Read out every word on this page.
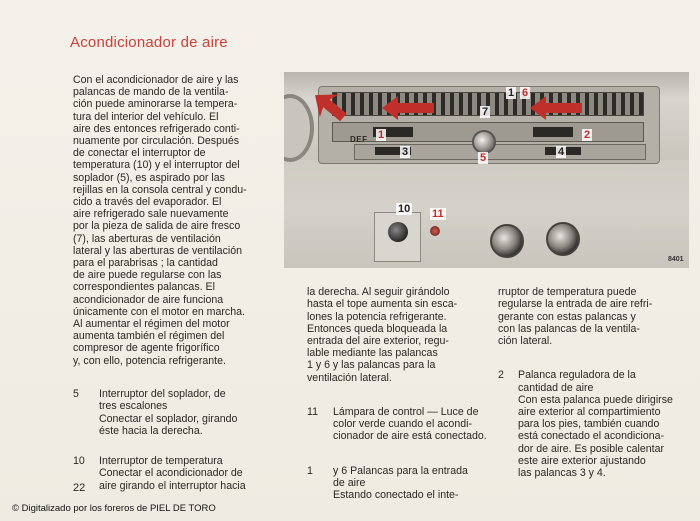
Acondicionador de aire
Con el acondicionador de aire y las
palancas de mando de la ventila-
ción puede aminorarse la tempera-
tura del interior del vehículo. El
aire des entonces refrigerado conti-
nuamente por circulación. Después
de conectar el interruptor de
temperatura (10) y el interruptor del
soplador (5), es aspirado por las
rejillas en la consola central y condu-
cido a través del evaporador. El
aire refrigerado sale nuevamente
por la pieza de salida de aire fresco
(7), las aberturas de ventilación
lateral y las aberturas de ventilación
para el parabrisas ; la cantidad
de aire puede regularse con las
correspondientes palancas. El
acondicionador de aire funciona
únicamente con el motor en marcha.
Al aumentar el régimen del motor
aumenta también el régimen del
compresor de agente frigorífico
y, con ello, potencia refrigerante.

5	Interruptor del soplador, de
tres escalones
Conectar el soplador, girando
éste hacia la derecha.

10	Interruptor de temperatura
Conectar el acondicionador de
aire girando el interruptor hacia

la derecha. Al seguir girándolo
hasta el tope aumenta sin esca-
lones la potencia refrigerante.
Entonces queda bloqueada la
entrada del aire exterior, regu-
lable mediante las palancas
1 y 6 y las palancas para la
ventilación lateral.

11	Lámpara de control — Luce de
color verde cuando el acondi-
cionador de aire está conectado.

1	y 6 Palancas para la entrada
de aire
Estando conectado el inte-

rruptor de temperatura puede
regularse la entrada de aire refri-
gerante con estas palancas y
con las palancas de la ventila-
ción lateral.

2	Palanca reguladora de la
cantidad de aire
Con esta palanca puede dirigirse
aire exterior al compartimiento
para los pies, también cuando
está conectado el acondiciona-
dor de aire. Es posible calentar
este aire exterior ajustando
las palancas 3 y 4.

DEF
1 6
1	2
3	4
5
7
10 11
8401
22
© Digitalizado por los foreros de PIEL DE TORO
